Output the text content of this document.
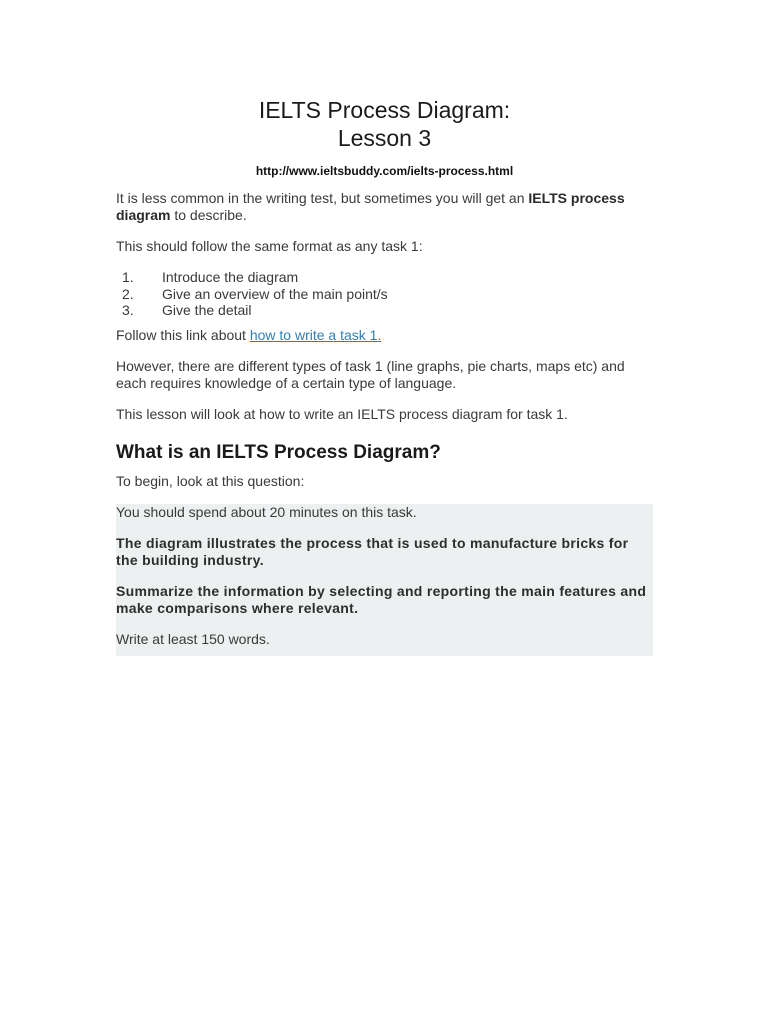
IELTS Process Diagram:
Lesson 3
http://www.ieltsbuddy.com/ielts-process.html

It is less common in the writing test, but sometimes you will get an IELTS process diagram to describe.

This should follow the same format as any task 1:

1.	Introduce the diagram
2.	Give an overview of the main point/s
3.	Give the detail

Follow this link about how to write a task 1.

However, there are different types of task 1 (line graphs, pie charts, maps etc) and each requires knowledge of a certain type of language.

This lesson will look at how to write an IELTS process diagram for task 1.

What is an IELTS Process Diagram?

To begin, look at this question:

You should spend about 20 minutes on this task.

The diagram illustrates the process that is used to manufacture bricks for the building industry.

Summarize the information by selecting and reporting the main features and make comparisons where relevant.

Write at least 150 words.
